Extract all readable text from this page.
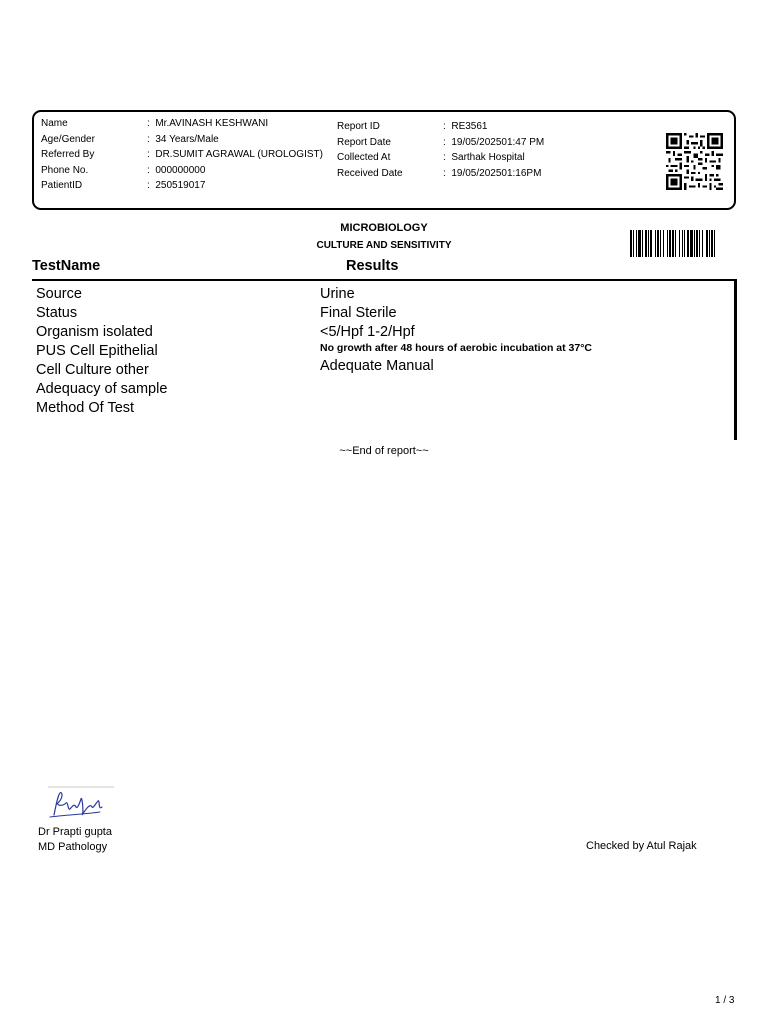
Name
Age/Gender
Referred By
Phone No.
PatientID
: Mr.AVINASH KESHWANI
: 34 Years/Male
: DR.SUMIT AGRAWAL (UROLOGIST)
: 000000000
: 250519017
Report ID
Report Date
Collected At
Received Date
: RE3561
: 19/05/202501:47 PM
: Sarthak Hospital
: 19/05/202501:16PM
MICROBIOLOGY
CULTURE AND SENSITIVITY
TestName	Results
Source
Status
Organism isolated
PUS Cell Epithelial
Cell Culture other
Adequacy of sample
Method Of Test
Urine
Final Sterile
<5/Hpf 1-2/Hpf
No growth after 48 hours of aerobic incubation at 37°C
Adequate Manual
~~End of report~~
Dr Prapti gupta
MD Pathology	Checked by Atul Rajak
1 / 3
